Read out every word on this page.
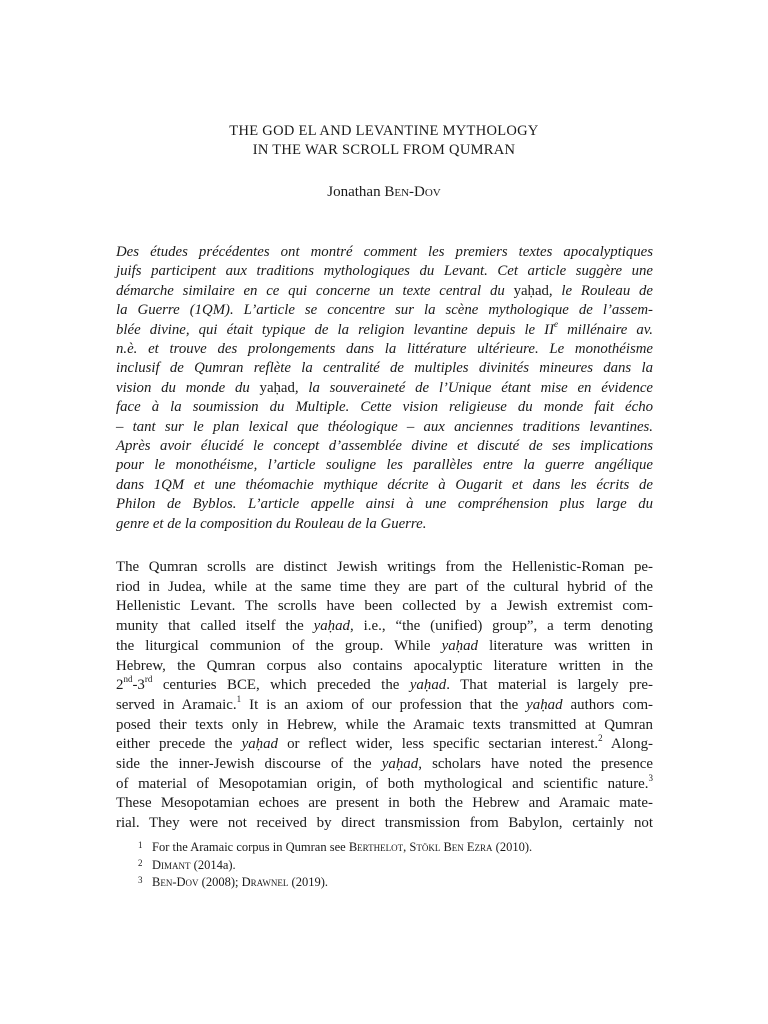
THE GOD EL AND LEVANTINE MYTHOLOGY
IN THE WAR SCROLL FROM QUMRAN
Jonathan Ben-Dov
Des études précédentes ont montré comment les premiers textes apocalyptiques
juifs participent aux traditions mythologiques du Levant. Cet article suggère une
démarche similaire en ce qui concerne un texte central du yaḥad, le Rouleau de
la Guerre (1QM). L’article se concentre sur la scène mythologique de l’assem-
blée divine, qui était typique de la religion levantine depuis le IIe millénaire av.
n.è. et trouve des prolongements dans la littérature ultérieure. Le monothéisme
inclusif de Qumran reflète la centralité de multiples divinités mineures dans la
vision du monde du yaḥad, la souveraineté de l’Unique étant mise en évidence
face à la soumission du Multiple. Cette vision religieuse du monde fait écho
– tant sur le plan lexical que théologique – aux anciennes traditions levantines.
Après avoir élucidé le concept d’assemblée divine et discuté de ses implications
pour le monothéisme, l’article souligne les parallèles entre la guerre angélique
dans 1QM et une théomachie mythique décrite à Ougarit et dans les écrits de
Philon de Byblos. L’article appelle ainsi à une compréhension plus large du
genre et de la composition du Rouleau de la Guerre.
The Qumran scrolls are distinct Jewish writings from the Hellenistic-Roman pe-
riod in Judea, while at the same time they are part of the cultural hybrid of the
Hellenistic Levant. The scrolls have been collected by a Jewish extremist com-
munity that called itself the yaḥad, i.e., “the (unified) group”, a term denoting
the liturgical communion of the group. While yaḥad literature was written in
Hebrew, the Qumran corpus also contains apocalyptic literature written in the
2nd-3rd centuries BCE, which preceded the yaḥad. That material is largely pre-
served in Aramaic.$^1$ It is an axiom of our profession that the yaḥad authors com-
posed their texts only in Hebrew, while the Aramaic texts transmitted at Qumran
either precede the yaḥad or reflect wider, less specific sectarian interest.$^2$ Along-
side the inner-Jewish discourse of the yaḥad, scholars have noted the presence
of material of Mesopotamian origin, of both mythological and scientific nature.$^3$
These Mesopotamian echoes are present in both the Hebrew and Aramaic mate-
rial. They were not received by direct transmission from Babylon, certainly not
1 For the Aramaic corpus in Qumran see Berthelot, Stökl Ben Ezra (2010).
2 Dimant (2014a).
3 Ben-Dov (2008); Drawnel (2019).
